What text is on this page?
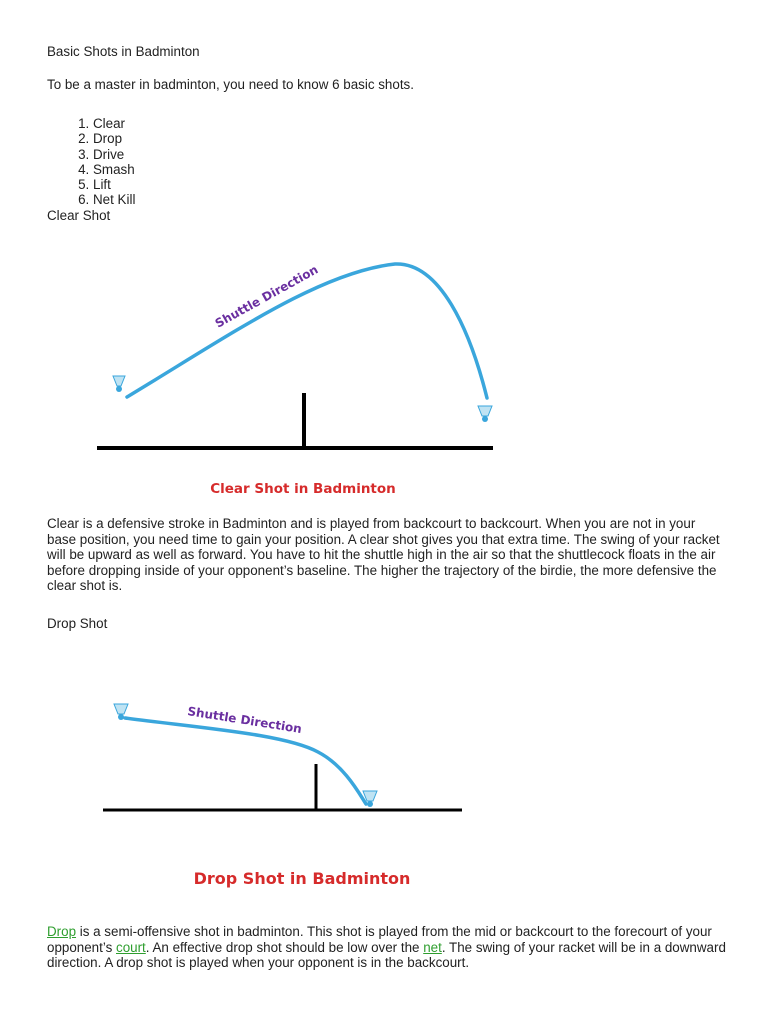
Basic Shots in Badminton
To be a master in badminton, you need to know 6 basic shots.
1. Clear
2. Drop
3. Drive
4. Smash
5. Lift
6. Net Kill
Clear Shot
Shuttle Direction
Clear Shot in Badminton
Clear is a defensive stroke in Badminton and is played from backcourt to backcourt. When you are not in your base position, you need time to gain your position. A clear shot gives you that extra time. The swing of your racket will be upward as well as forward. You have to hit the shuttle high in the air so that the shuttlecock floats in the air before dropping inside of your opponent’s baseline. The higher the trajectory of the birdie, the more defensive the clear shot is.
Drop Shot
Shuttle Direction
Drop Shot in Badminton
Drop is a semi-offensive shot in badminton. This shot is played from the mid or backcourt to the forecourt of your opponent’s court. An effective drop shot should be low over the net. The swing of your racket will be in a downward direction. A drop shot is played when your opponent is in the backcourt.
